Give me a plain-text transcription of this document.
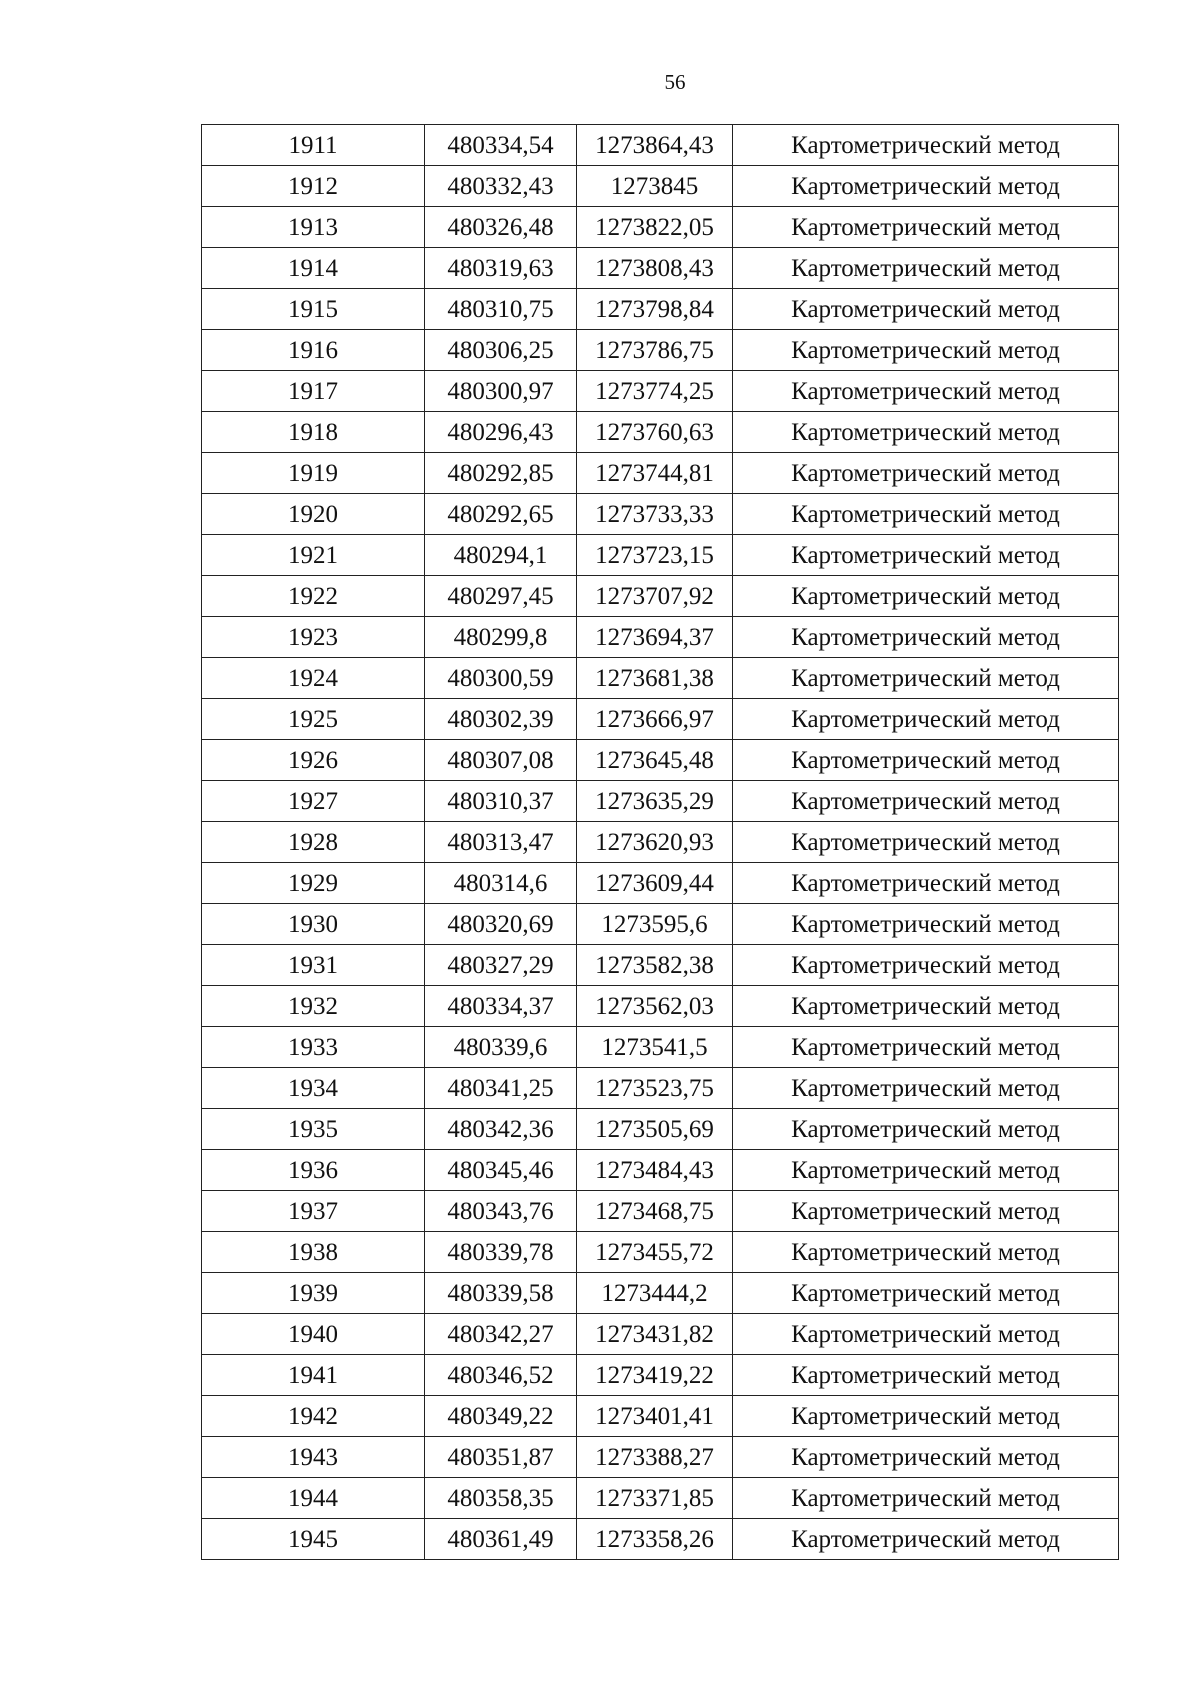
56
1911	480334,54	1273864,43	Картометрический метод
1912	480332,43	1273845	Картометрический метод
1913	480326,48	1273822,05	Картометрический метод
1914	480319,63	1273808,43	Картометрический метод
1915	480310,75	1273798,84	Картометрический метод
1916	480306,25	1273786,75	Картометрический метод
1917	480300,97	1273774,25	Картометрический метод
1918	480296,43	1273760,63	Картометрический метод
1919	480292,85	1273744,81	Картометрический метод
1920	480292,65	1273733,33	Картометрический метод
1921	480294,1	1273723,15	Картометрический метод
1922	480297,45	1273707,92	Картометрический метод
1923	480299,8	1273694,37	Картометрический метод
1924	480300,59	1273681,38	Картометрический метод
1925	480302,39	1273666,97	Картометрический метод
1926	480307,08	1273645,48	Картометрический метод
1927	480310,37	1273635,29	Картометрический метод
1928	480313,47	1273620,93	Картометрический метод
1929	480314,6	1273609,44	Картометрический метод
1930	480320,69	1273595,6	Картометрический метод
1931	480327,29	1273582,38	Картометрический метод
1932	480334,37	1273562,03	Картометрический метод
1933	480339,6	1273541,5	Картометрический метод
1934	480341,25	1273523,75	Картометрический метод
1935	480342,36	1273505,69	Картометрический метод
1936	480345,46	1273484,43	Картометрический метод
1937	480343,76	1273468,75	Картометрический метод
1938	480339,78	1273455,72	Картометрический метод
1939	480339,58	1273444,2	Картометрический метод
1940	480342,27	1273431,82	Картометрический метод
1941	480346,52	1273419,22	Картометрический метод
1942	480349,22	1273401,41	Картометрический метод
1943	480351,87	1273388,27	Картометрический метод
1944	480358,35	1273371,85	Картометрический метод
1945	480361,49	1273358,26	Картометрический метод
